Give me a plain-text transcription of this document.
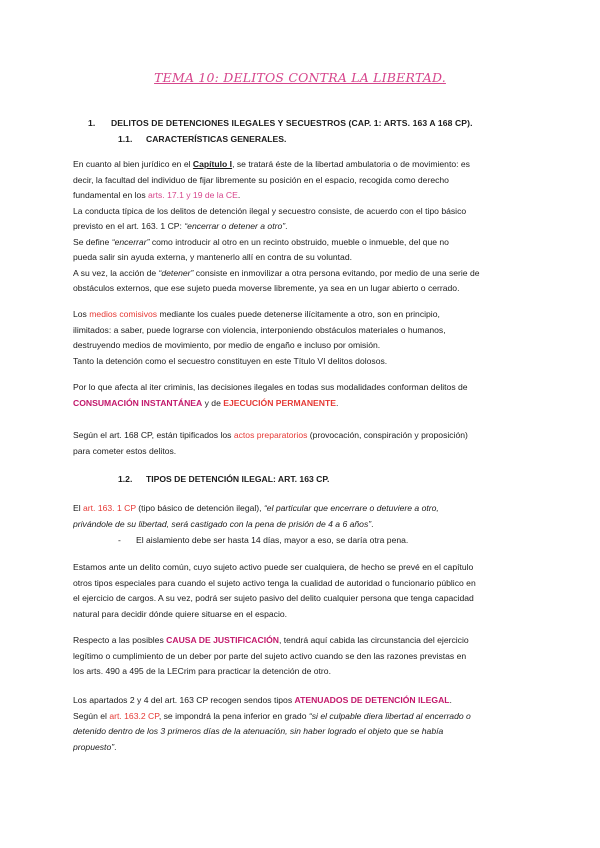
TEMA 10: DELITOS CONTRA LA LIBERTAD.
1. DELITOS DE DETENCIONES ILEGALES Y SECUESTROS (CAP. 1: ARTS. 163 A 168 CP).
1.1. CARACTERÍSTICAS GENERALES.
En cuanto al bien jurídico en el Capítulo I, se tratará éste de la libertad ambulatoria o de movimiento: es
decir, la facultad del individuo de fijar libremente su posición en el espacio, recogida como derecho
fundamental en los arts. 17.1 y 19 de la CE.
La conducta típica de los delitos de detención ilegal y secuestro consiste, de acuerdo con el tipo básico
previsto en el art. 163. 1 CP: “encerrar o detener a otro”.
Se define “encerrar” como introducir al otro en un recinto obstruido, mueble o inmueble, del que no
pueda salir sin ayuda externa, y mantenerlo allí en contra de su voluntad.
A su vez, la acción de “detener” consiste en inmovilizar a otra persona evitando, por medio de una serie de
obstáculos externos, que ese sujeto pueda moverse libremente, ya sea en un lugar abierto o cerrado.
Los medios comisivos mediante los cuales puede detenerse ilícitamente a otro, son en principio,
ilimitados: a saber, puede lograrse con violencia, interponiendo obstáculos materiales o humanos,
destruyendo medios de movimiento, por medio de engaño e incluso por omisión.
Tanto la detención como el secuestro constituyen en este Título VI delitos dolosos.
Por lo que afecta al iter criminis, las decisiones ilegales en todas sus modalidades conforman delitos de
CONSUMACIÓN INSTANTÁNEA y de EJECUCIÓN PERMANENTE.
Según el art. 168 CP, están tipificados los actos preparatorios (provocación, conspiración y proposición)
para cometer estos delitos.
1.2. TIPOS DE DETENCIÓN ILEGAL: ART. 163 CP.
El art. 163. 1 CP (tipo básico de detención ilegal), “el particular que encerrare o detuviere a otro,
privándole de su libertad, será castigado con la pena de prisión de 4 a 6 años”.
- El aislamiento debe ser hasta 14 días, mayor a eso, se daría otra pena.
Estamos ante un delito común, cuyo sujeto activo puede ser cualquiera, de hecho se prevé en el capítulo
otros tipos especiales para cuando el sujeto activo tenga la cualidad de autoridad o funcionario público en
el ejercicio de cargos. A su vez, podrá ser sujeto pasivo del delito cualquier persona que tenga capacidad
natural para decidir dónde quiere situarse en el espacio.
Respecto a las posibles CAUSA DE JUSTIFICACIÓN, tendrá aquí cabida las circunstancia del ejercicio
legítimo o cumplimiento de un deber por parte del sujeto activo cuando se den las razones previstas en
los arts. 490 a 495 de la LECrim para practicar la detención de otro.
Los apartados 2 y 4 del art. 163 CP recogen sendos tipos ATENUADOS DE DETENCIÓN ILEGAL.
Según el art. 163.2 CP, se impondrá la pena inferior en grado “si el culpable diera libertad al encerrado o
detenido dentro de los 3 primeros días de la atenuación, sin haber logrado el objeto que se había
propuesto”.
